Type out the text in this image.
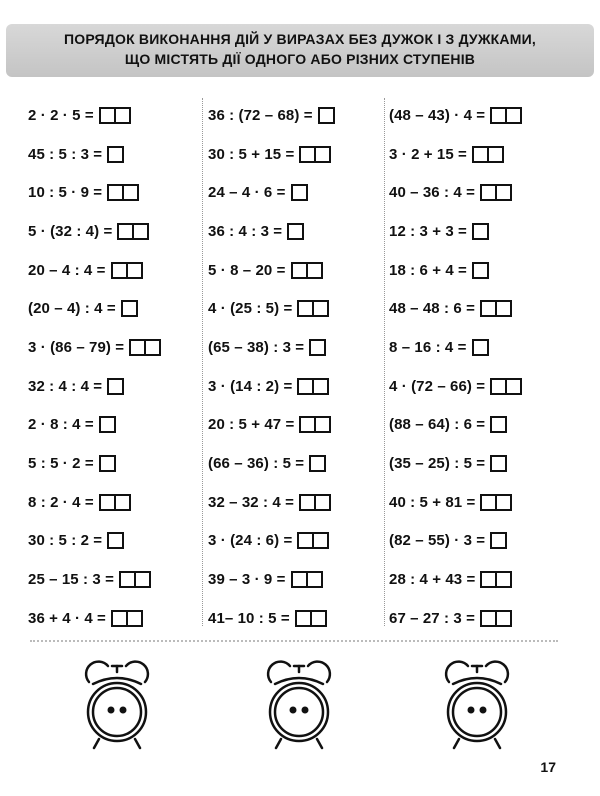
ПОРЯДОК ВИКОНАННЯ ДІЙ У ВИРАЗАХ БЕЗ ДУЖОК І З ДУЖКАМИ,
ЩО МІСТЯТЬ ДІЇ ОДНОГО АБО РІЗНИХ СТУПЕНІВ
2 · 2 · 5 =
45 : 5 : 3 =
10 : 5 · 9 =
5 · (32 : 4) =
20 – 4 : 4 =
(20 – 4) : 4 =
3 · (86 – 79) =
32 : 4 : 4 =
2 · 8 : 4 =
5 : 5 · 2 =
8 : 2 · 4 =
30 : 5 : 2 =
25 – 15 : 3 =
36 + 4 · 4 =
36 : (72 – 68) =
30 : 5 + 15 =
24 – 4 · 6 =
36 : 4 : 3 =
5 · 8 – 20 =
4 · (25 : 5) =
(65 – 38) : 3 =
3 · (14 : 2) =
20 : 5 + 47 =
(66 – 36) : 5 =
32 – 32 : 4 =
3 · (24 : 6) =
39 – 3 · 9 =
41– 10 : 5 =
(48 – 43) · 4 =
3 · 2 + 15 =
40 – 36 : 4 =
12 : 3 + 3 =
18 : 6 + 4 =
48 – 48 : 6 =
8 – 16 : 4 =
4 · (72 – 66) =
(88 – 64) : 6 =
(35 – 25) : 5 =
40 : 5 + 81 =
(82 – 55) · 3 =
28 : 4 + 43 =
67 – 27 : 3 =
17
